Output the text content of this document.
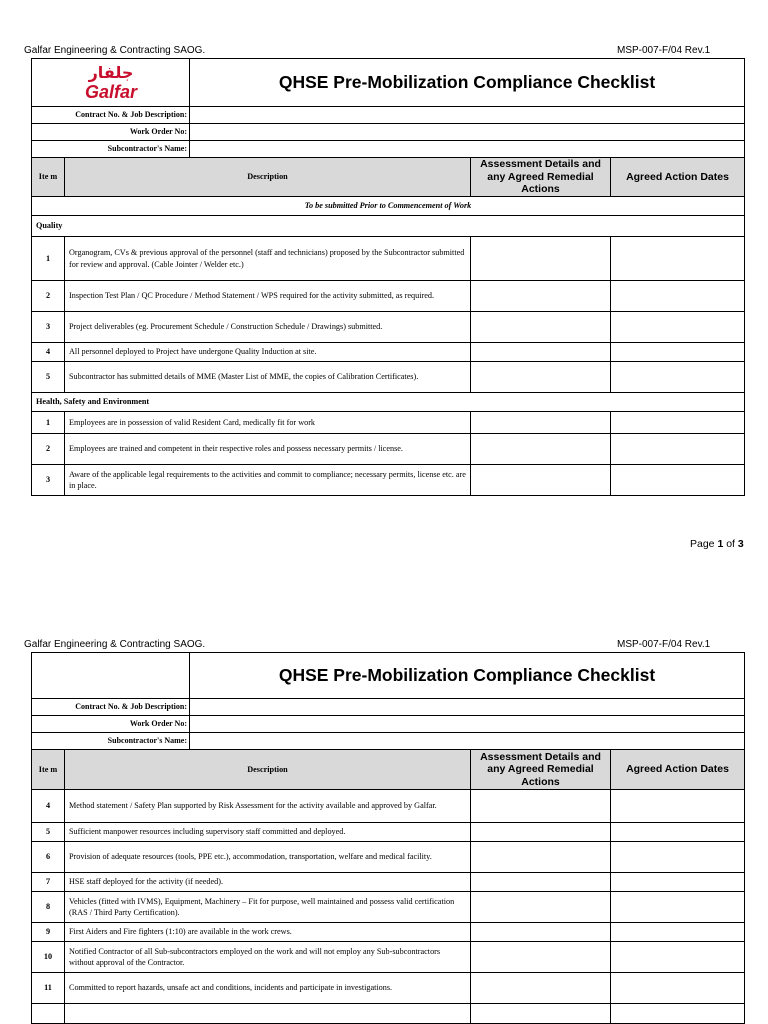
Galfar Engineering & Contracting SAOG.	MSP-007-F/04 Rev.1
جلفار
Galfar		QHSE Pre-Mobilization Compliance Checklist		
Contract No. & Job Description:				
Work Order No:				
Subcontractor's Name:				
Ite m	Description		Assessment Details and any Agreed Remedial Actions	Agreed Action Dates
To be submitted Prior to Commencement of Work				
Quality				
1	Organogram, CVs & previous approval of the personnel (staff and technicians) proposed by the Subcontractor submitted for review and approval. (Cable Jointer / Welder etc.)			
2	Inspection Test Plan / QC Procedure / Method Statement / WPS required for the activity submitted, as required.			
3	Project deliverables (eg. Procurement Schedule / Construction Schedule / Drawings) submitted.			
4	All personnel deployed to Project have undergone Quality Induction at site.			
5	Subcontractor has submitted details of MME (Master List of MME, the copies of Calibration Certificates).			
Health, Safety and Environment				
1	Employees are in possession of valid Resident Card, medically fit for work			
2	Employees are trained and competent in their respective roles and possess necessary permits / license.			
3	Aware of the applicable legal requirements to the activities and commit to compliance; necessary permits, license etc. are in place.			
Page 1 of 3
Galfar Engineering & Contracting SAOG.	MSP-007-F/04 Rev.1
		QHSE Pre-Mobilization Compliance Checklist		
Contract No. & Job Description:				
Work Order No:				
Subcontractor's Name:				
Ite m	Description		Assessment Details and any Agreed Remedial Actions	Agreed Action Dates
4	Method statement / Safety Plan supported by Risk Assessment for the activity available and approved by Galfar.			
5	Sufficient manpower resources including supervisory staff committed and deployed.			
6	Provision of adequate resources (tools, PPE etc.), accommodation, transportation, welfare and medical facility.			
7	HSE staff deployed for the activity (if needed).			
8	Vehicles (fitted with IVMS), Equipment, Machinery – Fit for purpose, well maintained and possess valid certification (RAS / Third Party Certification).			
9	First Aiders and Fire fighters (1:10) are available in the work crews.			
10	Notified Contractor of all Sub-subcontractors employed on the work and will not employ any Sub-subcontractors without approval of the Contractor.			
11	Committed to report hazards, unsafe act and conditions, incidents and participate in investigations.			
